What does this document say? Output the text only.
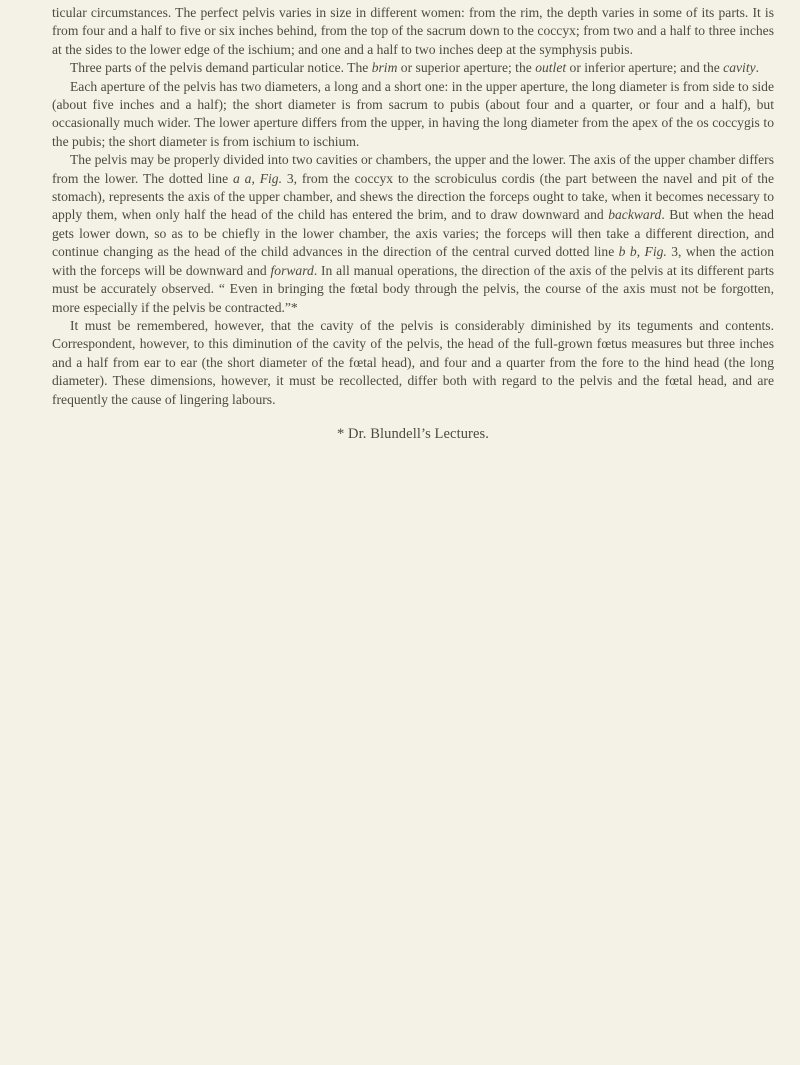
ticular circumstances. The perfect pelvis varies in size in different women: from the rim, the depth varies in some of its parts. It is from four and a half to five or six inches behind, from the top of the sacrum down to the coccyx; from two and a half to three inches at the sides to the lower edge of the ischium; and one and a half to two inches deep at the symphysis pubis.

Three parts of the pelvis demand particular notice. The brim or superior aperture; the outlet or inferior aperture; and the cavity.

Each aperture of the pelvis has two diameters, a long and a short one: in the upper aperture, the long diameter is from side to side (about five inches and a half); the short diameter is from sacrum to pubis (about four and a quarter, or four and a half), but occasionally much wider. The lower aperture differs from the upper, in having the long diameter from the apex of the os coccygis to the pubis; the short diameter is from ischium to ischium.

The pelvis may be properly divided into two cavities or chambers, the upper and the lower. The axis of the upper chamber differs from the lower. The dotted line a a, Fig. 3, from the coccyx to the scrobiculus cordis (the part between the navel and pit of the stomach), represents the axis of the upper chamber, and shews the direction the forceps ought to take, when it becomes necessary to apply them, when only half the head of the child has entered the brim, and to draw downward and backward. But when the head gets lower down, so as to be chiefly in the lower chamber, the axis varies; the forceps will then take a different direction, and continue changing as the head of the child advances in the direction of the central curved dotted line b b, Fig. 3, when the action with the forceps will be downward and forward. In all manual operations, the direction of the axis of the pelvis at its different parts must be accurately observed. “ Even in bringing the fœtal body through the pelvis, the course of the axis must not be forgotten, more especially if the pelvis be contracted.”*

It must be remembered, however, that the cavity of the pelvis is considerably diminished by its teguments and contents. Correspondent, however, to this diminution of the cavity of the pelvis, the head of the full-grown fœtus measures but three inches and a half from ear to ear (the short diameter of the fœtal head), and four and a quarter from the fore to the hind head (the long diameter). These dimensions, however, it must be recollected, differ both with regard to the pelvis and the fœtal head, and are frequently the cause of lingering labours.

* Dr. Blundell’s Lectures.
